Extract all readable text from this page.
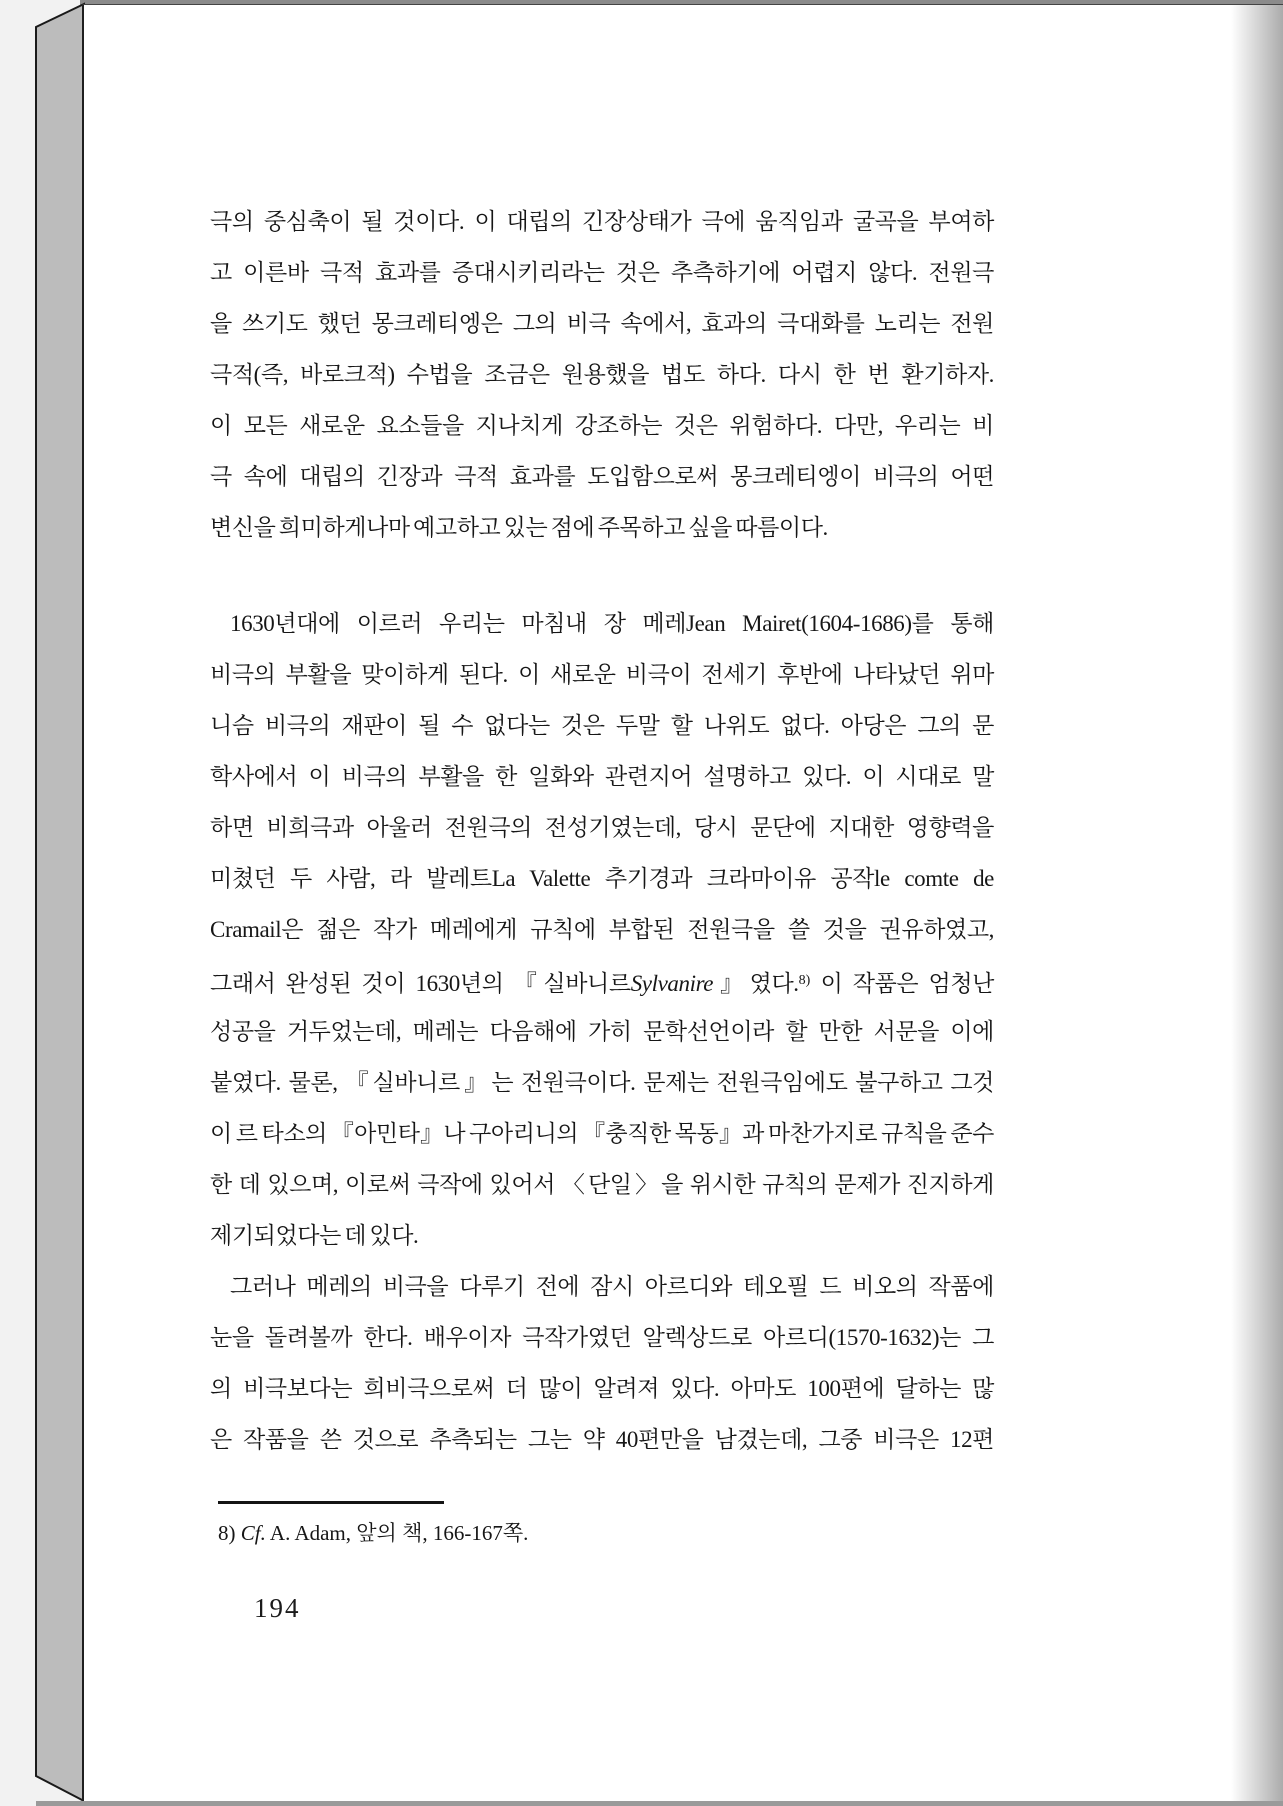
극의 중심축이 될 것이다. 이 대립의 긴장상태가 극에 움직임과 굴곡을 부여하
고 이른바 극적 효과를 증대시키리라는 것은 추측하기에 어렵지 않다. 전원극
을 쓰기도 했던 몽크레티엥은 그의 비극 속에서, 효과의 극대화를 노리는 전원
극적(즉, 바로크적) 수법을 조금은 원용했을 법도 하다. 다시 한 번 환기하자.
이 모든 새로운 요소들을 지나치게 강조하는 것은 위험하다. 다만, 우리는 비
극 속에 대립의 긴장과 극적 효과를 도입함으로써 몽크레티엥이 비극의 어떤
변신을 희미하게나마 예고하고 있는 점에 주목하고 싶을 따름이다.
1630년대에 이르러 우리는 마침내 장 메레Jean Mairet(1604-1686)를 통해
비극의 부활을 맞이하게 된다. 이 새로운 비극이 전세기 후반에 나타났던 위마
니슴 비극의 재판이 될 수 없다는 것은 두말 할 나위도 없다. 아당은 그의 문
학사에서 이 비극의 부활을 한 일화와 관련지어 설명하고 있다. 이 시대로 말
하면 비희극과 아울러 전원극의 전성기였는데, 당시 문단에 지대한 영향력을
미쳤던 두 사람, 라 발레트La Valette 추기경과 크라마이유 공작le comte de
Cramail은 젊은 작가 메레에게 규칙에 부합된 전원극을 쓸 것을 권유하였고,
그래서 완성된 것이 1630년의 『실바니르Sylvanire』였다.$^{8)}$ 이 작품은 엄청난
성공을 거두었는데, 메레는 다음해에 가히 문학선언이라 할 만한 서문을 이에
붙였다. 물론, 『실바니르』는 전원극이다. 문제는 전원극임에도 불구하고 그것
이 르 타소의 『아민타』나 구아리니의 『충직한 목동』과 마찬가지로 규칙을 준수
한 데 있으며, 이로써 극작에 있어서 〈단일〉을 위시한 규칙의 문제가 진지하게
제기되었다는 데 있다.
그러나 메레의 비극을 다루기 전에 잠시 아르디와 테오필 드 비오의 작품에
눈을 돌려볼까 한다. 배우이자 극작가였던 알렉상드로 아르디(1570-1632)는 그
의 비극보다는 희비극으로써 더 많이 알려져 있다. 아마도 100편에 달하는 많
은 작품을 쓴 것으로 추측되는 그는 약 40편만을 남겼는데, 그중 비극은 12편
8) Cf. A. Adam, 앞의 책, 166-167쪽.
194
